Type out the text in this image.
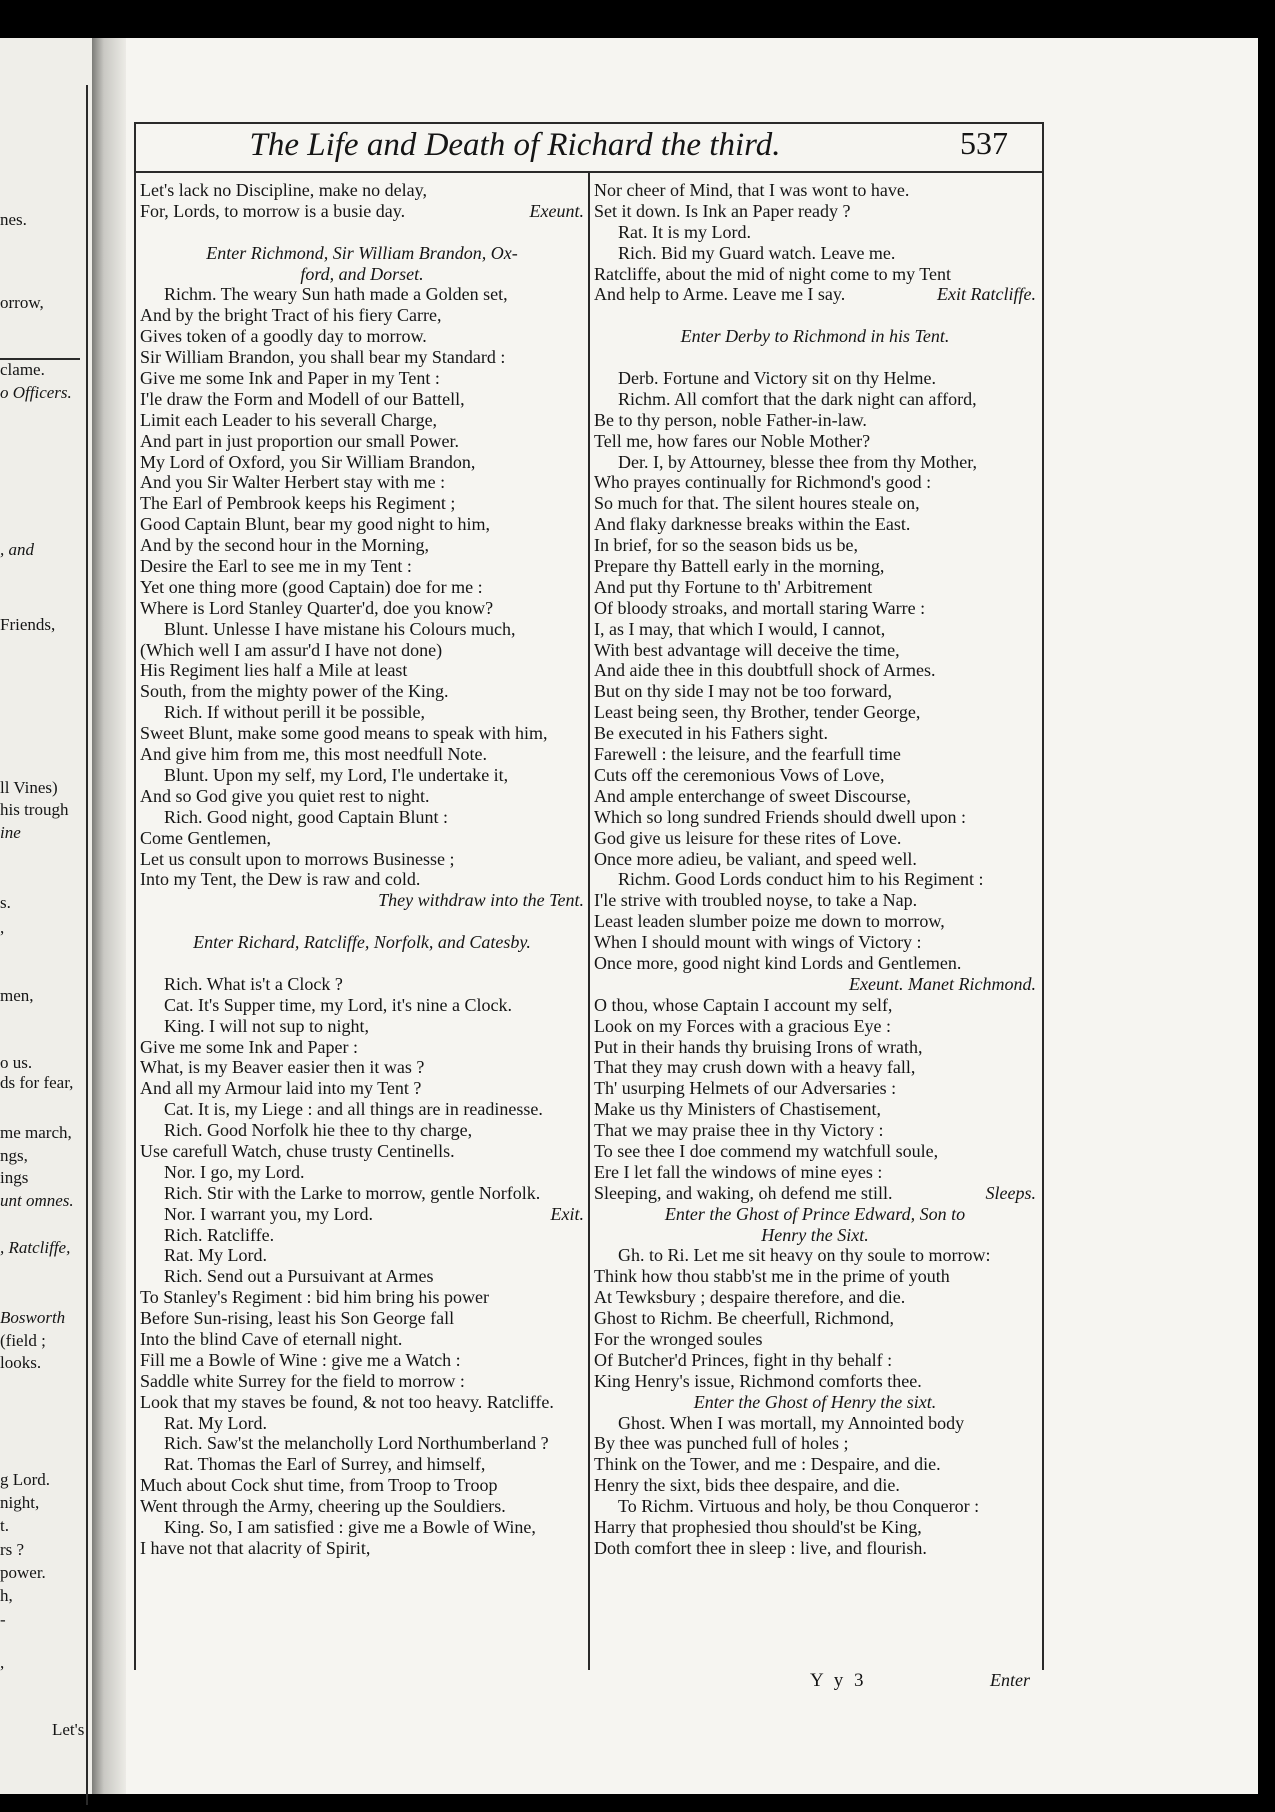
nes.
orrow,
clame.
o Officers.
, and
Friends,
ll Vines)
his trough
ine
s.
,
men,
o us.
ds for fear,
me march,
ngs,
ings
unt omnes.
, Ratcliffe,
Bosworth
(field ;
looks.
g Lord.
night,
t.
rs ?
power.
h,
-
,
Let's
The Life and Death of Richard the third.	537
Let's lack no Discipline, make no delay,
For, Lords, to morrow is a busie day.	Exeunt.
Enter Richmond, Sir William Brandon, Ox-
ford, and Dorset.
Richm. The weary Sun hath made a Golden set,
And by the bright Tract of his fiery Carre,
Gives token of a goodly day to morrow.
Sir William Brandon, you shall bear my Standard :
Give me some Ink and Paper in my Tent :
I'le draw the Form and Modell of our Battell,
Limit each Leader to his severall Charge,
And part in just proportion our small Power.
My Lord of Oxford, you Sir William Brandon,
And you Sir Walter Herbert stay with me :
The Earl of Pembrook keeps his Regiment ;
Good Captain Blunt, bear my good night to him,
And by the second hour in the Morning,
Desire the Earl to see me in my Tent :
Yet one thing more (good Captain) doe for me :
Where is Lord Stanley Quarter'd, doe you know?
Blunt. Unlesse I have mistane his Colours much,
(Which well I am assur'd I have not done)
His Regiment lies half a Mile at least
South, from the mighty power of the King.
Rich. If without perill it be possible,
Sweet Blunt, make some good means to speak with him,
And give him from me, this most needfull Note.
Blunt. Upon my self, my Lord, I'le undertake it,
And so God give you quiet rest to night.
Rich. Good night, good Captain Blunt :
Come Gentlemen,
Let us consult upon to morrows Businesse ;
Into my Tent, the Dew is raw and cold.
They withdraw into the Tent.
Enter Richard, Ratcliffe, Norfolk, and Catesby.
Rich. What is't a Clock ?
Cat. It's Supper time, my Lord, it's nine a Clock.
King. I will not sup to night,
Give me some Ink and Paper :
What, is my Beaver easier then it was ?
And all my Armour laid into my Tent ?
Cat. It is, my Liege : and all things are in readinesse.
Rich. Good Norfolk hie thee to thy charge,
Use carefull Watch, chuse trusty Centinells.
Nor. I go, my Lord.
Rich. Stir with the Larke to morrow, gentle Norfolk.
Nor. I warrant you, my Lord.	Exit.
Rich. Ratcliffe.
Rat. My Lord.
Rich. Send out a Pursuivant at Armes
To Stanley's Regiment : bid him bring his power
Before Sun-rising, least his Son George fall
Into the blind Cave of eternall night.
Fill me a Bowle of Wine : give me a Watch :
Saddle white Surrey for the field to morrow :
Look that my staves be found, & not too heavy. Ratcliffe.
Rat. My Lord.
Rich. Saw'st the melancholly Lord Northumberland ?
Rat. Thomas the Earl of Surrey, and himself,
Much about Cock shut time, from Troop to Troop
Went through the Army, cheering up the Souldiers.
King. So, I am satisfied : give me a Bowle of Wine,
I have not that alacrity of Spirit,
Nor cheer of Mind, that I was wont to have.
Set it down. Is Ink an Paper ready ?
Rat. It is my Lord.
Rich. Bid my Guard watch. Leave me.
Ratcliffe, about the mid of night come to my Tent
And help to Arme. Leave me I say.	Exit Ratcliffe.
Enter Derby to Richmond in his Tent.
Derb. Fortune and Victory sit on thy Helme.
Richm. All comfort that the dark night can afford,
Be to thy person, noble Father-in-law.
Tell me, how fares our Noble Mother?
Der. I, by Attourney, blesse thee from thy Mother,
Who prayes continually for Richmond's good :
So much for that. The silent houres steale on,
And flaky darknesse breaks within the East.
In brief, for so the season bids us be,
Prepare thy Battell early in the morning,
And put thy Fortune to th' Arbitrement
Of bloody stroaks, and mortall staring Warre :
I, as I may, that which I would, I cannot,
With best advantage will deceive the time,
And aide thee in this doubtfull shock of Armes.
But on thy side I may not be too forward,
Least being seen, thy Brother, tender George,
Be executed in his Fathers sight.
Farewell : the leisure, and the fearfull time
Cuts off the ceremonious Vows of Love,
And ample enterchange of sweet Discourse,
Which so long sundred Friends should dwell upon :
God give us leisure for these rites of Love.
Once more adieu, be valiant, and speed well.
Richm. Good Lords conduct him to his Regiment :
I'le strive with troubled noyse, to take a Nap.
Least leaden slumber poize me down to morrow,
When I should mount with wings of Victory :
Once more, good night kind Lords and Gentlemen.
Exeunt. Manet Richmond.
O thou, whose Captain I account my self,
Look on my Forces with a gracious Eye :
Put in their hands thy bruising Irons of wrath,
That they may crush down with a heavy fall,
Th' usurping Helmets of our Adversaries :
Make us thy Ministers of Chastisement,
That we may praise thee in thy Victory :
To see thee I doe commend my watchfull soule,
Ere I let fall the windows of mine eyes :
Sleeping, and waking, oh defend me still.	Sleeps.
Enter the Ghost of Prince Edward, Son to
Henry the Sixt.
Gh. to Ri. Let me sit heavy on thy soule to morrow:
Think how thou stabb'st me in the prime of youth
At Tewksbury ; despaire therefore, and die.
Ghost to Richm. Be cheerfull, Richmond,
For the wronged soules
Of Butcher'd Princes, fight in thy behalf :
King Henry's issue, Richmond comforts thee.
Enter the Ghost of Henry the sixt.
Ghost. When I was mortall, my Annointed body
By thee was punched full of holes ;
Think on the Tower, and me : Despaire, and die.
Henry the sixt, bids thee despaire, and die.
To Richm. Virtuous and holy, be thou Conqueror :
Harry that prophesied thou should'st be King,
Doth comfort thee in sleep : live, and flourish.
Y y 3	Enter
